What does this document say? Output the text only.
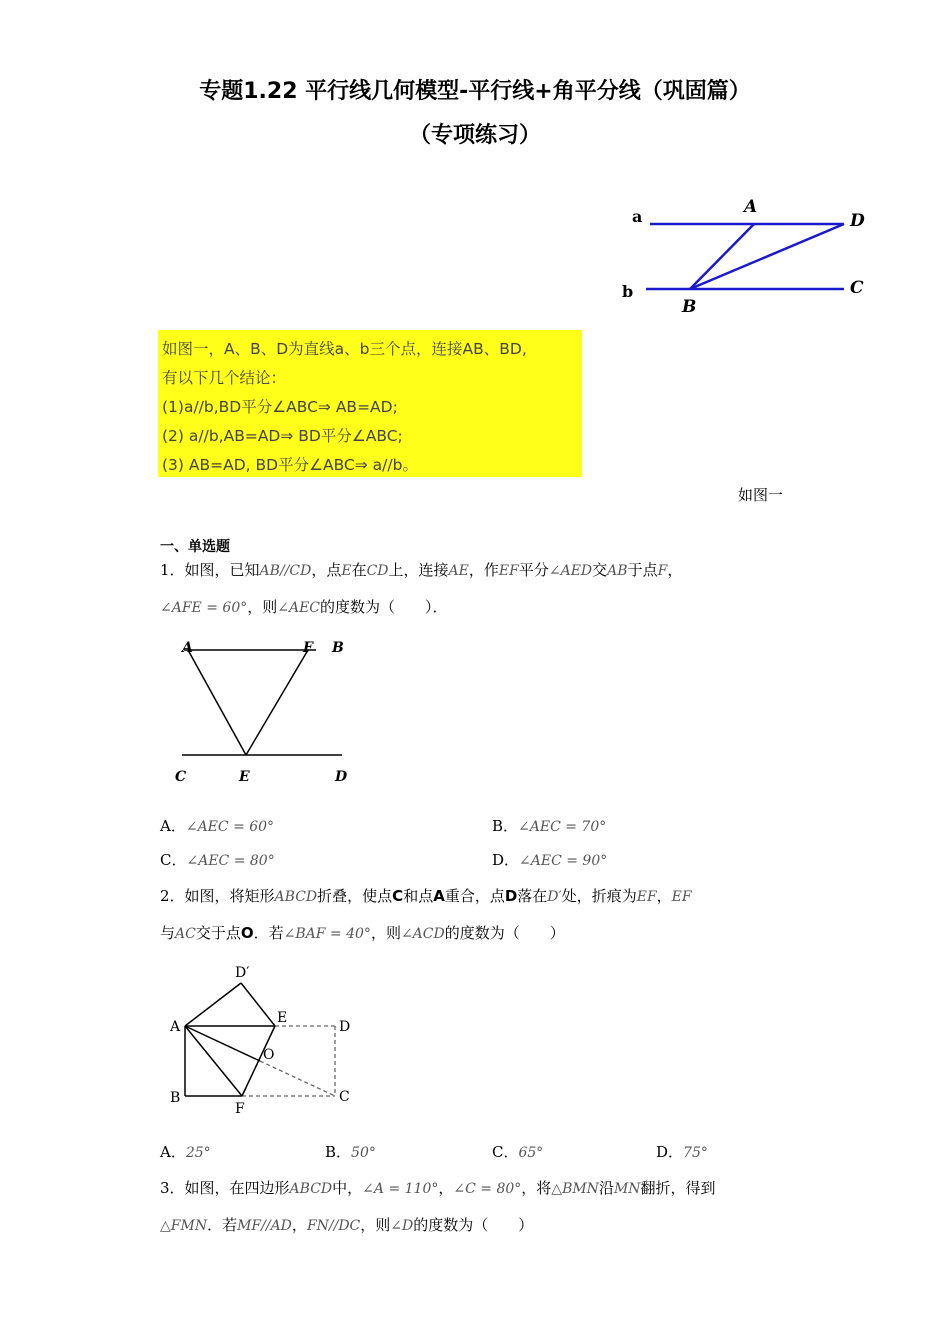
专题1.22 平行线几何模型-平行线+角平分线（巩固篇）
（专项练习）
a
b
A
B
C
D
如图一，A、B、D为直线a、b三个点，连接AB、BD,
有以下几个结论：
(1)a//b,BD平分∠ABC⇒ AB=AD;
(2) a//b,AB=AD⇒ BD平分∠ABC;
(3) AB=AD, BD平分∠ABC⇒ a//b。
如图一
一、单选题
1．如图，已知AB//CD，点E在CD上，连接AE，作EF平分∠AED交AB于点F，
∠AFE = 60°，则∠AEC的度数为（　　）．
A	F B
C	E	D
A．∠AEC = 60°	B．∠AEC = 70°
C．∠AEC = 80°	D．∠AEC = 90°
2．如图，将矩形ABCD折叠，使点C和点A重合，点D落在D′处，折痕为EF，EF
与AC交于点O．若∠BAF = 40°，则∠ACD的度数为（　　）
D′
A
E
D
O
B
F
C
A．25°	B．50°	C．65°	D．75°
3．如图，在四边形ABCD中，∠A = 110°，∠C = 80°，将△BMN沿MN翻折，得到
△FMN．若MF//AD，FN//DC，则∠D的度数为（　　）
